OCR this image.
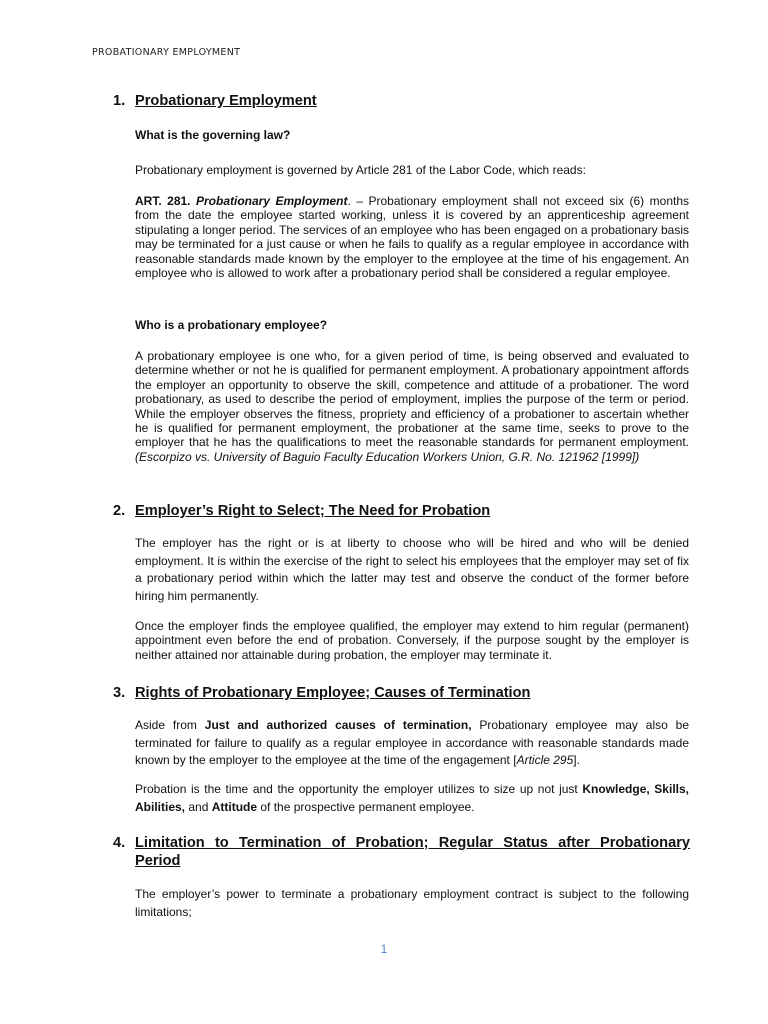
PROBATIONARY EMPLOYMENT
1. Probationary Employment
What is the governing law?
Probationary employment is governed by Article 281 of the Labor Code, which reads:
ART. 281. Probationary Employment. – Probationary employment shall not exceed six (6) months from the date the employee started working, unless it is covered by an apprenticeship agreement stipulating a longer period. The services of an employee who has been engaged on a probationary basis may be terminated for a just cause or when he fails to qualify as a regular employee in accordance with reasonable standards made known by the employer to the employee at the time of his engagement. An employee who is allowed to work after a probationary period shall be considered a regular employee.
Who is a probationary employee?
A probationary employee is one who, for a given period of time, is being observed and evaluated to determine whether or not he is qualified for permanent employment. A probationary appointment affords the employer an opportunity to observe the skill, competence and attitude of a probationer. The word probationary, as used to describe the period of employment, implies the purpose of the term or period. While the employer observes the fitness, propriety and efficiency of a probationer to ascertain whether he is qualified for permanent employment, the probationer at the same time, seeks to prove to the employer that he has the qualifications to meet the reasonable standards for permanent employment. (Escorpizo vs. University of Baguio Faculty Education Workers Union, G.R. No. 121962 [1999])
2. Employer’s Right to Select; The Need for Probation
The employer has the right or is at liberty to choose who will be hired and who will be denied employment. It is within the exercise of the right to select his employees that the employer may set of fix a probationary period within which the latter may test and observe the conduct of the former before hiring him permanently.
Once the employer finds the employee qualified, the employer may extend to him regular (permanent) appointment even before the end of probation. Conversely, if the purpose sought by the employer is neither attained nor attainable during probation, the employer may terminate it.
3. Rights of Probationary Employee; Causes of Termination
Aside from Just and authorized causes of termination, Probationary employee may also be terminated for failure to qualify as a regular employee in accordance with reasonable standards made known by the employer to the employee at the time of the engagement [Article 295].
Probation is the time and the opportunity the employer utilizes to size up not just Knowledge, Skills, Abilities, and Attitude of the prospective permanent employee.
4. Limitation to Termination of Probation; Regular Status after Probationary Period
The employer’s power to terminate a probationary employment contract is subject to the following limitations;
1
